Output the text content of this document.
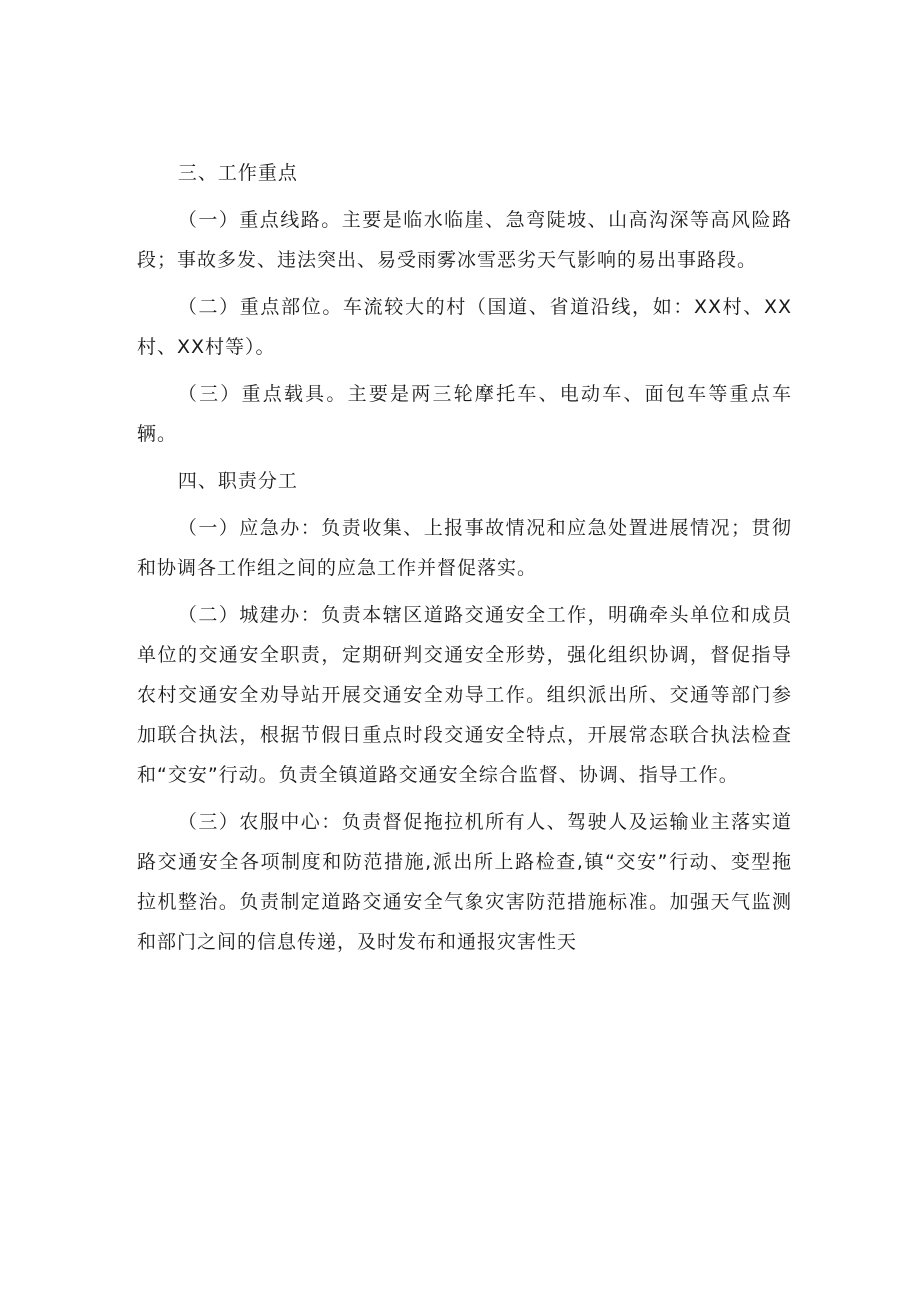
三、工作重点

（一）重点线路。主要是临水临崖、急弯陡坡、山高沟深等高风险路段；事故多发、违法突出、易受雨雾冰雪恶劣天气影响的易出事路段。

（二）重点部位。车流较大的村（国道、省道沿线，如：XX村、XX村、XX村等）。

（三）重点载具。主要是两三轮摩托车、电动车、面包车等重点车辆。

四、职责分工

（一）应急办：负责收集、上报事故情况和应急处置进展情况；贯彻和协调各工作组之间的应急工作并督促落实。

（二）城建办：负责本辖区道路交通安全工作，明确牵头单位和成员单位的交通安全职责，定期研判交通安全形势，强化组织协调，督促指导农村交通安全劝导站开展交通安全劝导工作。组织派出所、交通等部门参加联合执法，根据节假日重点时段交通安全特点，开展常态联合执法检查和“交安”行动。负责全镇道路交通安全综合监督、协调、指导工作。

（三）农服中心：负责督促拖拉机所有人、驾驶人及运输业主落实道路交通安全各项制度和防范措施,派出所上路检查,镇“交安”行动、变型拖拉机整治。负责制定道路交通安全气象灾害防范措施标准。加强天气监测和部门之间的信息传递，及时发布和通报灾害性天
